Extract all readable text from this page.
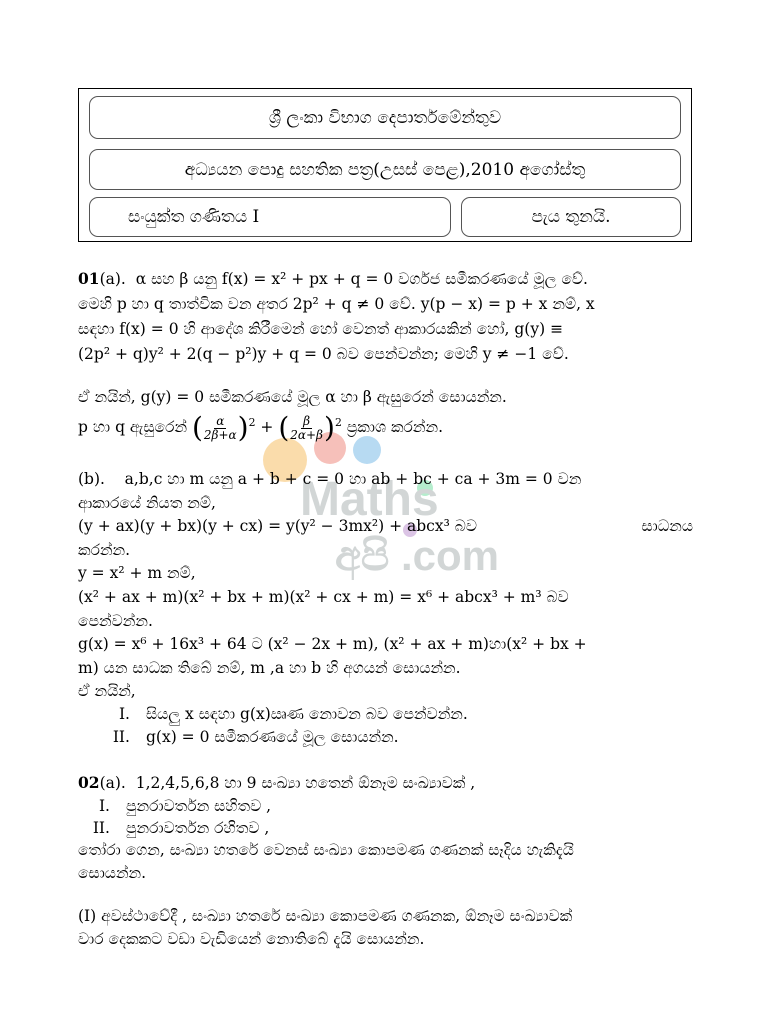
ශ්‍රී ලංකා විභාග දෙපාර්තමේන්තුව
අධ්‍යයන පොදු සහතික පත්‍ර(උසස් පෙළ),2010 අගෝස්තු
සංයුක්ත ගණිතය I	පැය තුනයි.
Maths
අපි .com
01(a). α සහ β යනු f(x) = x² + px + q = 0 වර්ගජ සමීකරණයේ මූල වේ.
මෙහි p හා q තාත්වික වන අතර 2p² + q ≠ 0 වේ. y(p − x) = p + x නම්, x
සඳහා f(x) = 0 හි ආදේශ කිරීමෙන් හෝ වෙනත් ආකාරයකින් හෝ, g(y) ≡
(2p² + q)y² + 2(q − p²)y + q = 0 බව පෙන්වන්න; මෙහි y ≠ −1 වේ.
ඒ නයින්, g(y) = 0 සමීකරණයේ මූල α හා β ඇසුරෙන් සොයන්න.
p හා q ඇසුරෙන් ( $\frac{\alpha}{2\beta+\alpha} )^2$ + ( $\frac{\beta}{2\alpha+\beta} )^2$ ප්‍රකාශ කරන්න.
(b). a,b,c හා m යනු a + b + c = 0 හා ab + bc + ca + 3m = 0 වන
ආකාරයේ නියත නම්,
(y + ax)(y + bx)(y + cx) = y(y² − 3mx²) + abcx³ බව	සාධනය
කරන්න.
y = x² + m නම්,
(x² + ax + m)(x² + bx + m)(x² + cx + m) = x⁶ + abcx³ + m³ බව
පෙන්වන්න.
g(x) = x⁶ + 16x³ + 64 ට (x² − 2x + m), (x² + ax + m)හා(x² + bx +
m) යන සාධක තිබේ නම්, m ,a හා b හි අගයන් සොයන්න.
ඒ නයින්,
I. සියලු x සඳහා g(x)ඍණ නොවන බව පෙන්වන්න.
II. g(x) = 0 සමීකරණයේ මූල සොයන්න.
02(a). 1,2,4,5,6,8 හා 9 සංඛ්‍යා හතෙන් ඕනෑම සංඛ්‍යාවක් ,
I. පුනරාවර්තන සහිතව ,
II. පුනරාවර්තන රහිතව ,
තෝරා ගෙන, සංඛ්‍යා හතරේ වෙනස් සංඛ්‍යා කොපමණ ගණනක් සෑදිය හැකිදැයි
සොයන්න.
(I) අවස්ථාවේදී , සංඛ්‍යා හතරේ සංඛ්‍යා කොපමණ ගණනක, ඕනෑම සංඛ්‍යාවක්
වාර දෙකකට වඩා වැඩියෙන් නොතිබේ දැයි සොයන්න.
